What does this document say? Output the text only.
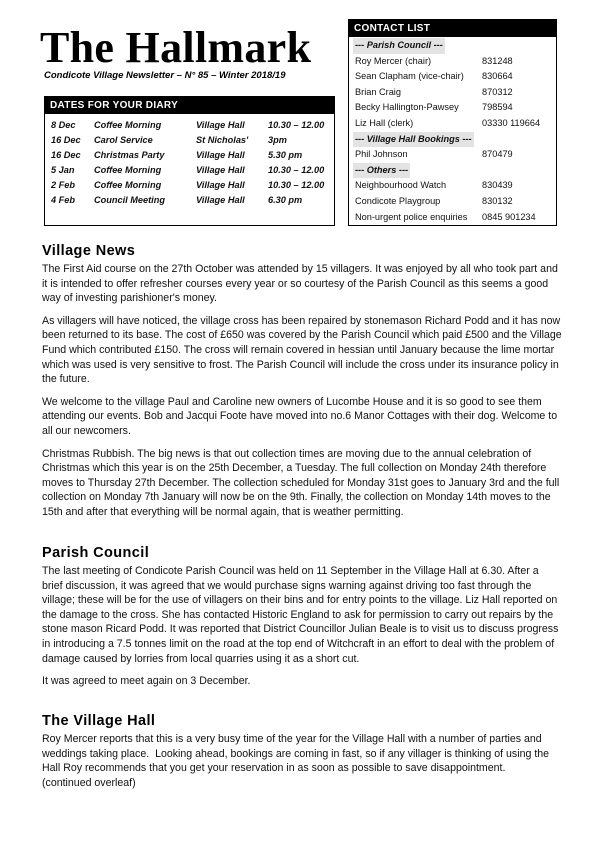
The Hallmark
Condicote Village Newsletter – N° 85 – Winter 2018/19
DATES FOR YOUR DIARY
8 Dec	Coffee Morning	Village Hall	10.30 – 12.00
16 Dec	Carol Service	St Nicholas'	3pm
16 Dec	Christmas Party	Village Hall	5.30 pm
5 Jan	Coffee Morning	Village Hall	10.30 – 12.00
2 Feb	Coffee Morning	Village Hall	10.30 – 12.00
4 Feb	Council Meeting	Village Hall	6.30 pm
CONTACT LIST
--- Parish Council ---
Roy Mercer (chair)	831248
Sean Clapham (vice-chair)	830664
Brian Craig	870312
Becky Hallington-Pawsey	798594
Liz Hall (clerk)	03330 119664
--- Village Hall Bookings ---
Phil Johnson	870479
--- Others ---
Neighbourhood Watch	830439
Condicote Playgroup	830132
Non-urgent police enquiries	0845 901234
Village News

The First Aid course on the 27th October was attended by 15 villagers. It was enjoyed by all who took part and it is intended to offer refresher courses every year or so courtesy of the Parish Council as this seems a good way of investing parishioner's money.

As villagers will have noticed, the village cross has been repaired by stonemason Richard Podd and it has now been returned to its base. The cost of £650 was covered by the Parish Council which paid £500 and the Village Fund which contributed £150. The cross will remain covered in hessian until January because the lime mortar which was used is very sensitive to frost. The Parish Council will include the cross under its insurance policy in the future.

We welcome to the village Paul and Caroline new owners of Lucombe House and it is so good to see them attending our events. Bob and Jacqui Foote have moved into no.6 Manor Cottages with their dog. Welcome to all our newcomers.

Christmas Rubbish. The big news is that out collection times are moving due to the annual celebration of Christmas which this year is on the 25th December, a Tuesday. The full collection on Monday 24th therefore moves to Thursday 27th December. The collection scheduled for Monday 31st goes to January 3rd and the full collection on Monday 7th January will now be on the 9th. Finally, the collection on Monday 14th moves to the 15th and after that everything will be normal again, that is weather permitting.

Parish Council

The last meeting of Condicote Parish Council was held on 11 September in the Village Hall at 6.30. After a brief discussion, it was agreed that we would purchase signs warning against driving too fast through the village; these will be for the use of villagers on their bins and for entry points to the village. Liz Hall reported on the damage to the cross. She has contacted Historic England to ask for permission to carry out repairs by the stone mason Ricard Podd. It was reported that District Councillor Julian Beale is to visit us to discuss progress in introducing a 7.5 tonnes limit on the road at the top end of Witchcraft in an effort to deal with the problem of damage caused by lorries from local quarries using it as a short cut.

It was agreed to meet again on 3 December.

The Village Hall

Roy Mercer reports that this is a very busy time of the year for the Village Hall with a number of parties and weddings taking place.  Looking ahead, bookings are coming in fast, so if any villager is thinking of using the Hall Roy recommends that you get your reservation in as soon as possible to save disappointment.              (continued overleaf)
